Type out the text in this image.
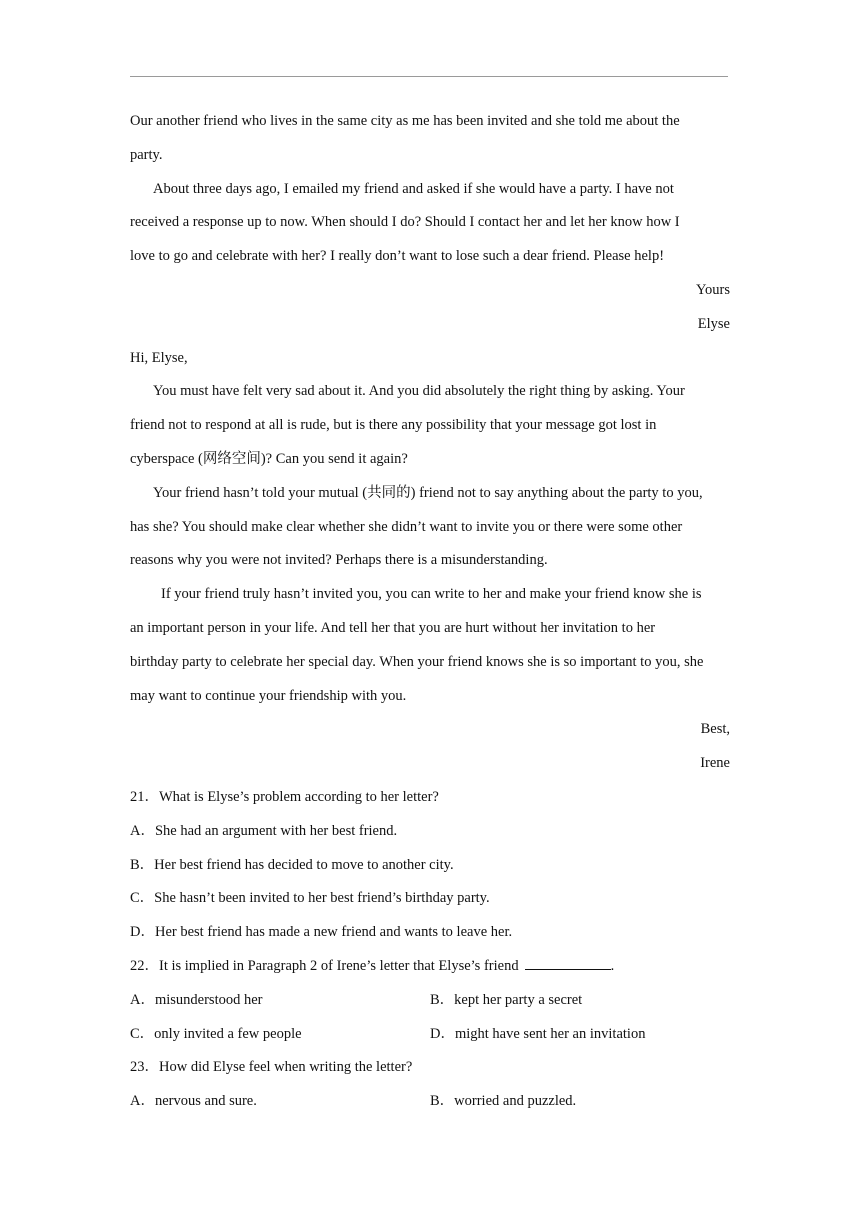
Our another friend who lives in the same city as me has been invited and she told me about the
party.
About three days ago, I emailed my friend and asked if she would have a party. I have not
received a response up to now. When should I do? Should I contact her and let her know how I
love to go and celebrate with her? I really don’t want to lose such a dear friend. Please help!
Yours
Elyse
Hi, Elyse,
You must have felt very sad about it. And you did absolutely the right thing by asking. Your
friend not to respond at all is rude, but is there any possibility that your message got lost in
cyberspace (网络空间)? Can you send it again?
Your friend hasn’t told your mutual (共同的) friend not to say anything about the party to you,
has she? You should make clear whether she didn’t want to invite you or there were some other
reasons why you were not invited? Perhaps there is a misunderstanding.
If your friend truly hasn’t invited you, you can write to her and make your friend know she is
an important person in your life. And tell her that you are hurt without her invitation to her
birthday party to celebrate her special day. When your friend knows she is so important to you, she
may want to continue your friendship with you.
Best,
Irene
21．What is Elyse’s problem according to her letter?
A．She had an argument with her best friend.
B．Her best friend has decided to move to another city.
C．She hasn’t been invited to her best friend’s birthday party.
D．Her best friend has made a new friend and wants to leave her.
22．It is implied in Paragraph 2 of Irene’s letter that Elyse’s friend	.
A．misunderstood her	B．kept her party a secret
C．only invited a few people	D．might have sent her an invitation
23．How did Elyse feel when writing the letter?
A．nervous and sure.	B．worried and puzzled.
